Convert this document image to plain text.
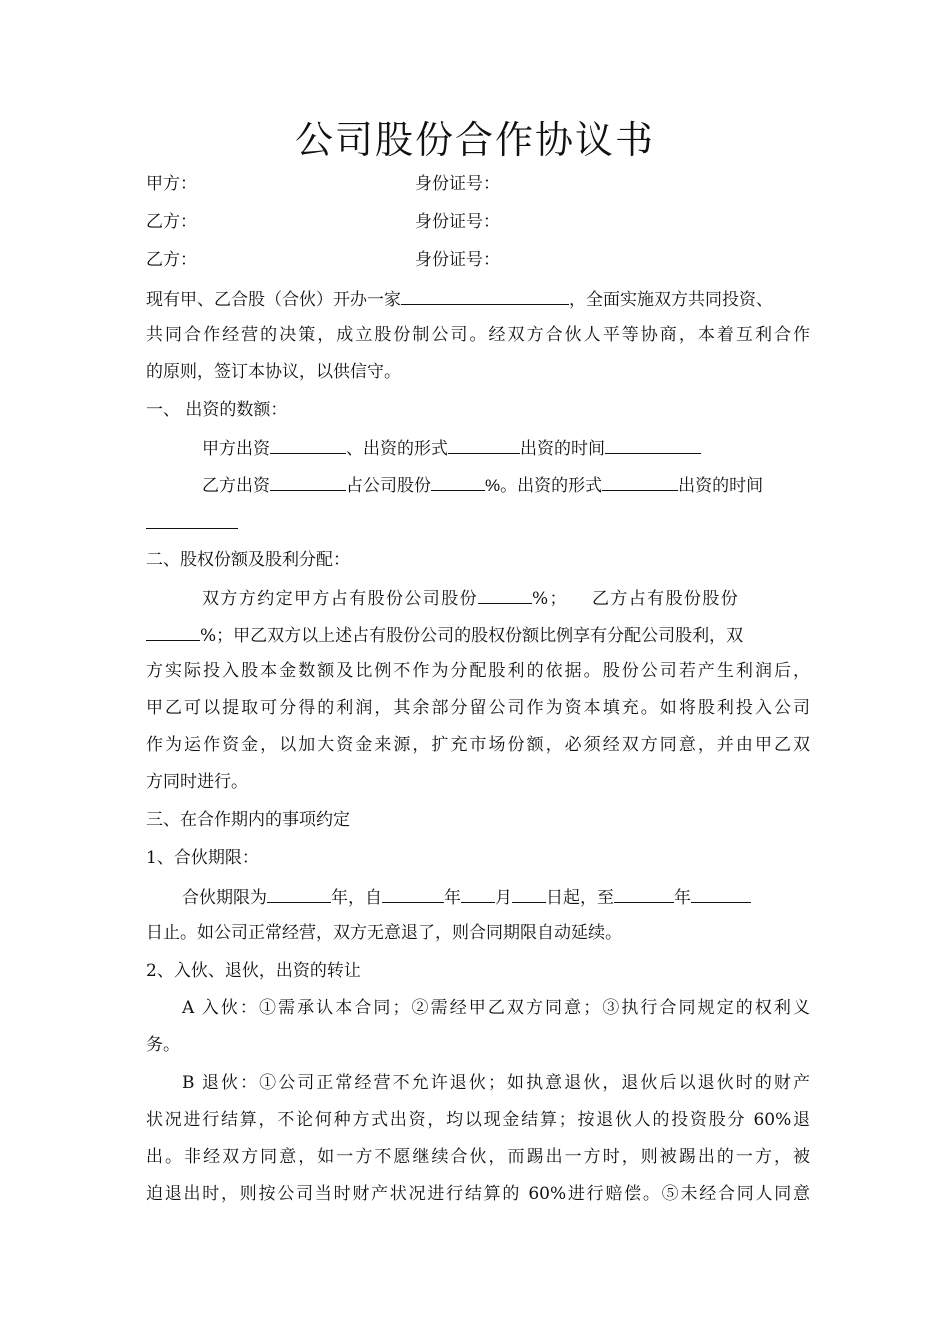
公司股份合作协议书
甲方：	身份证号：
乙方：	身份证号：
乙方：	身份证号：
现有甲、乙合股（合伙）开办一家	，全面实施双方共同投资、
共同合作经营的决策，成立股份制公司。经双方合伙人平等协商，本着互利合作
的原则，签订本协议，以供信守。
一、 出资的数额：
甲方出资	、出资的形式	出资的时间
乙方出资	占公司股份	%。出资的形式	出资的时间
二、股权份额及股利分配：
双方方约定甲方占有股份公司股份	%； 乙方占有股份股份
%；甲乙双方以上述占有股份公司的股权份额比例享有分配公司股利，双
方实际投入股本金数额及比例不作为分配股利的依据。股份公司若产生利润后，
甲乙可以提取可分得的利润，其余部分留公司作为资本填充。如将股利投入公司
作为运作资金，以加大资金来源，扩充市场份额，必须经双方同意，并由甲乙双
方同时进行。
三、在合作期内的事项约定
1、合伙期限：
合伙期限为	年，自	年 月 日起，至	年
日止。如公司正常经营，双方无意退了，则合同期限自动延续。
2、入伙、退伙，出资的转让
A 入伙：①需承认本合同；②需经甲乙双方同意；③执行合同规定的权利义
务。
B 退伙：①公司正常经营不允许退伙；如执意退伙，退伙后以退伙时的财产
状况进行结算，不论何种方式出资，均以现金结算；按退伙人的投资股分 60%退
出。非经双方同意，如一方不愿继续合伙，而踢出一方时，则被踢出的一方，被
迫退出时，则按公司当时财产状况进行结算的 60%进行赔偿。⑤未经合同人同意
